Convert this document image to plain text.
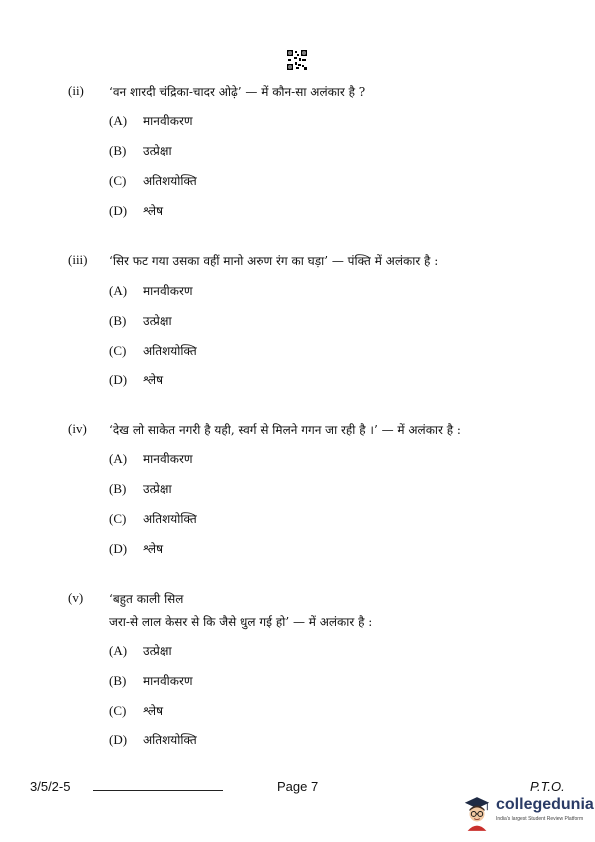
(ii)	‘वन शारदी चंद्रिका-चादर ओढ़े’ — में कौन-सा अलंकार है ?
(A) मानवीकरण
(B) उत्प्रेक्षा
(C) अतिशयोक्ति
(D) श्लेष
(iii)	‘सिर फट गया उसका वहीं मानो अरुण रंग का घड़ा’ — पंक्ति में अलंकार है :
(A) मानवीकरण
(B) उत्प्रेक्षा
(C) अतिशयोक्ति
(D) श्लेष
(iv)	‘देख लो साकेत नगरी है यही, स्वर्ग से मिलने गगन जा रही है ।’ — में अलंकार है :
(A) मानवीकरण
(B) उत्प्रेक्षा
(C) अतिशयोक्ति
(D) श्लेष
(v)	‘बहुत काली सिल
जरा-से लाल केसर से कि जैसे धुल गई हो’ — में अलंकार है :
(A) उत्प्रेक्षा
(B) मानवीकरण
(C) श्लेष
(D) अतिशयोक्ति
3/5/2-5	Page 7	P.T.O.
collegedunia
India's largest Student Review Platform
